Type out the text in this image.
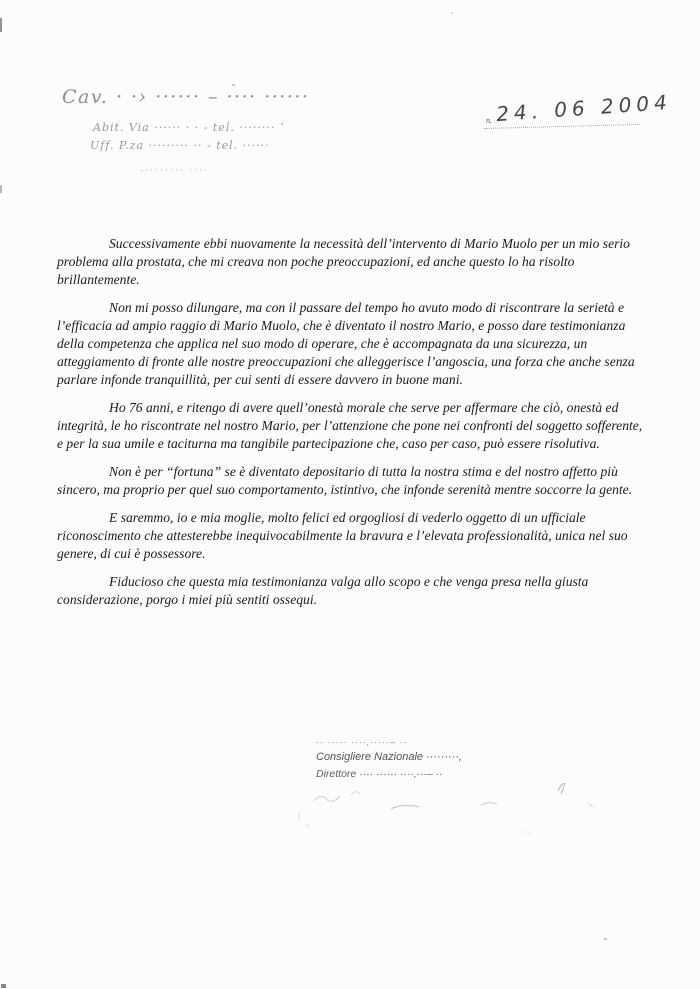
Cav. · ·› ······ – ···· ······
Abit. Via ······ · · ‑ tel. ········ ʼ
Uff. P.za ········· ·· ‑ tel. ······
‑········ ····
n. 24. 06 2004

Successivamente ebbi nuovamente la necessità dell’intervento di Mario Muolo per un mio serio problema alla prostata, che mi creava non poche preoccupazioni, ed anche questo lo ha risolto brillantemente.

Non mi posso dilungare, ma con il passare del tempo ho avuto modo di riscontrare la serietà e l’efficacia ad ampio raggio di Mario Muolo, che è diventato il nostro Mario, e posso dare testimonianza della competenza che applica nel suo modo di operare, che è accompagnata da una sicurezza, un atteggiamento di fronte alle nostre preoccupazioni che alleggerisce l’angoscia, una forza che anche senza parlare infonde tranquillità, per cui senti di essere davvero in buone mani.

Ho 76 anni, e ritengo di avere quell’onestà morale che serve per affermare che ciò, onestà ed integrità, le ho riscontrate nel nostro Mario, per l’attenzione che pone nei confronti del soggetto sofferente, e per la sua umile e taciturna ma tangibile partecipazione che, caso per caso, può essere risolutiva.

Non è per “fortuna” se è diventato depositario di tutta la nostra stima e del nostro affetto più sincero, ma proprio per quel suo comportamento, istintivo, che infonde serenità mentre soccorre la gente.

E saremmo, io e mia moglie, molto felici ed orgogliosi di vederlo oggetto di un ufficiale riconoscimento che attesterebbe inequivocabilmente la bravura e l’elevata professionalità, unica nel suo genere, di cui è possessore.

Fiducioso che questa mia testimonianza valga allo scopo e che venga presa nella giusta considerazione, porgo i miei più sentiti ossequi.

·· ····· ····‚·····– ··
Consigliere Nazionale ·········‚
Direttore ···· ······ ····‚···– ··
